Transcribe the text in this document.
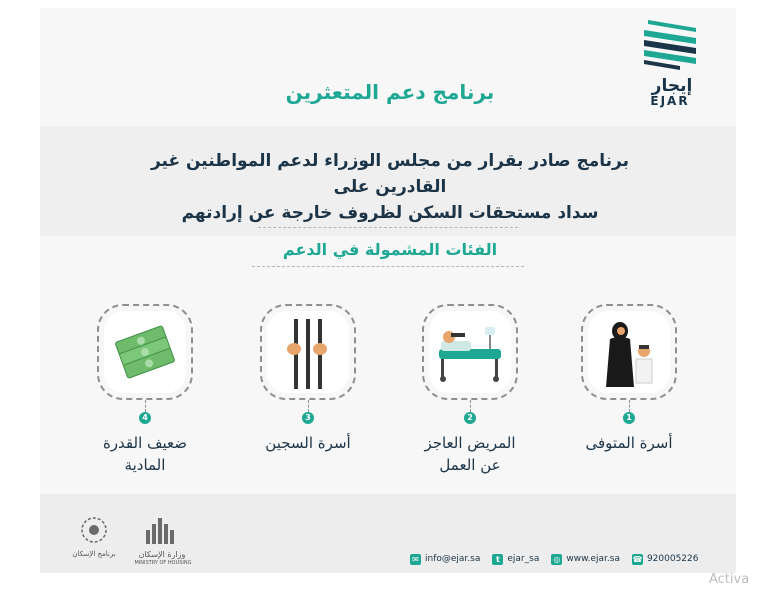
إيجار
EJAR
برنامج دعم المتعثرين
برنامج صادر بقرار من مجلس الوزراء لدعم المواطنين غير القادرين على
سداد مستحقات السكن لظروف خارجة عن إرادتهم
الفئات المشمولة في الدعم
4
ضعيف القدرة
المادية
3
أسرة السجين
2
المريض العاجز
عن العمل
1
أسرة المتوفى
برنامج الإسكان	وزارة الإسكان
MINISTRY OF HOUSING	✉ info@ejar.sa	t ejar_sa ◎ www.ejar.sa ☎ 920005226
Activa
